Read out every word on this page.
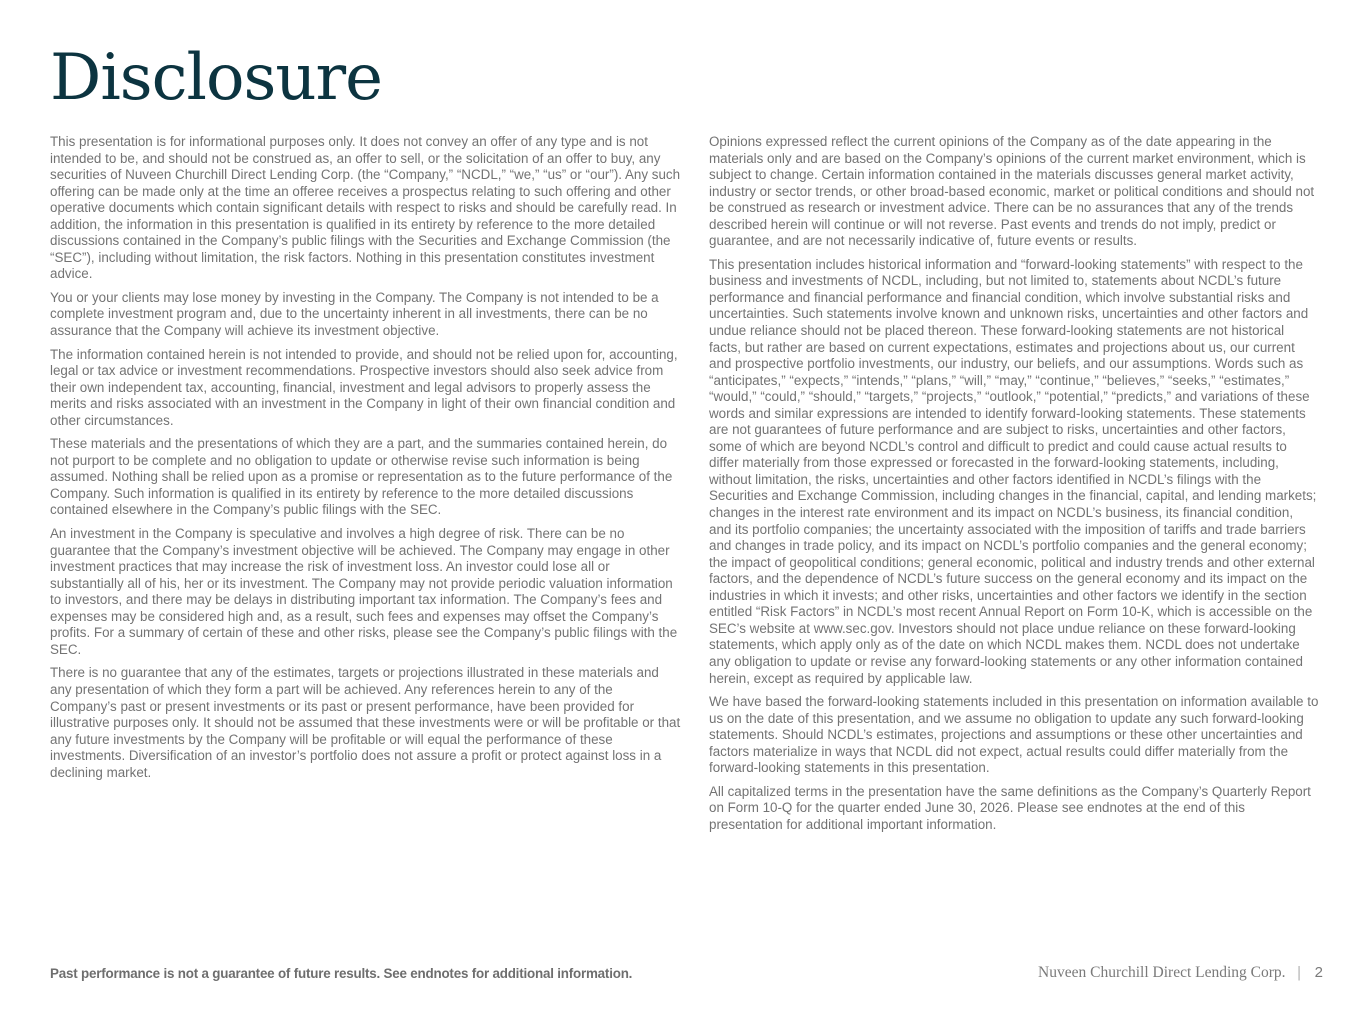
Disclosure

This presentation is for informational purposes only. It does not convey an offer of any type and is not intended to be, and should not be construed as, an offer to sell, or the solicitation of an offer to buy, any securities of Nuveen Churchill Direct Lending Corp. (the “Company,” “NCDL,” “we,” “us” or “our”). Any such offering can be made only at the time an offeree receives a prospectus relating to such offering and other operative documents which contain significant details with respect to risks and should be carefully read. In addition, the information in this presentation is qualified in its entirety by reference to the more detailed discussions contained in the Company’s public filings with the Securities and Exchange Commission (the “SEC”), including without limitation, the risk factors. Nothing in this presentation constitutes investment advice.

You or your clients may lose money by investing in the Company. The Company is not intended to be a complete investment program and, due to the uncertainty inherent in all investments, there can be no assurance that the Company will achieve its investment objective.

The information contained herein is not intended to provide, and should not be relied upon for, accounting, legal or tax advice or investment recommendations. Prospective investors should also seek advice from their own independent tax, accounting, financial, investment and legal advisors to properly assess the merits and risks associated with an investment in the Company in light of their own financial condition and other circumstances.

These materials and the presentations of which they are a part, and the summaries contained herein, do not purport to be complete and no obligation to update or otherwise revise such information is being assumed. Nothing shall be relied upon as a promise or representation as to the future performance of the Company. Such information is qualified in its entirety by reference to the more detailed discussions contained elsewhere in the Company’s public filings with the SEC.

An investment in the Company is speculative and involves a high degree of risk. There can be no guarantee that the Company’s investment objective will be achieved. The Company may engage in other investment practices that may increase the risk of investment loss. An investor could lose all or substantially all of his, her or its investment. The Company may not provide periodic valuation information to investors, and there may be delays in distributing important tax information. The Company’s fees and expenses may be considered high and, as a result, such fees and expenses may offset the Company’s profits. For a summary of certain of these and other risks, please see the Company’s public filings with the SEC.

There is no guarantee that any of the estimates, targets or projections illustrated in these materials and any presentation of which they form a part will be achieved. Any references herein to any of the Company’s past or present investments or its past or present performance, have been provided for illustrative purposes only. It should not be assumed that these investments were or will be profitable or that any future investments by the Company will be profitable or will equal the performance of these investments. Diversification of an investor’s portfolio does not assure a profit or protect against loss in a declining market.

Opinions expressed reflect the current opinions of the Company as of the date appearing in the materials only and are based on the Company’s opinions of the current market environment, which is subject to change. Certain information contained in the materials discusses general market activity, industry or sector trends, or other broad-based economic, market or political conditions and should not be construed as research or investment advice. There can be no assurances that any of the trends described herein will continue or will not reverse. Past events and trends do not imply, predict or guarantee, and are not necessarily indicative of, future events or results.

This presentation includes historical information and “forward-looking statements” with respect to the business and investments of NCDL, including, but not limited to, statements about NCDL’s future performance and financial performance and financial condition, which involve substantial risks and uncertainties. Such statements involve known and unknown risks, uncertainties and other factors and undue reliance should not be placed thereon. These forward-looking statements are not historical facts, but rather are based on current expectations, estimates and projections about us, our current and prospective portfolio investments, our industry, our beliefs, and our assumptions. Words such as “anticipates,” “expects,” “intends,” “plans,” “will,” “may,” “continue,” “believes,” “seeks,” “estimates,” “would,” “could,” “should,” “targets,” “projects,” “outlook,” “potential,” “predicts,” and variations of these words and similar expressions are intended to identify forward-looking statements. These statements are not guarantees of future performance and are subject to risks, uncertainties and other factors, some of which are beyond NCDL’s control and difficult to predict and could cause actual results to differ materially from those expressed or forecasted in the forward-looking statements, including, without limitation, the risks, uncertainties and other factors identified in NCDL’s filings with the Securities and Exchange Commission, including changes in the financial, capital, and lending markets; changes in the interest rate environment and its impact on NCDL’s business, its financial condition, and its portfolio companies; the uncertainty associated with the imposition of tariffs and trade barriers and changes in trade policy, and its impact on NCDL’s portfolio companies and the general economy; the impact of geopolitical conditions; general economic, political and industry trends and other external factors, and the dependence of NCDL’s future success on the general economy and its impact on the industries in which it invests; and other risks, uncertainties and other factors we identify in the section entitled “Risk Factors” in NCDL’s most recent Annual Report on Form 10-K, which is accessible on the SEC’s website at www.sec.gov. Investors should not place undue reliance on these forward-looking statements, which apply only as of the date on which NCDL makes them. NCDL does not undertake any obligation to update or revise any forward-looking statements or any other information contained herein, except as required by applicable law.

We have based the forward-looking statements included in this presentation on information available to us on the date of this presentation, and we assume no obligation to update any such forward-looking statements. Should NCDL’s estimates, projections and assumptions or these other uncertainties and factors materialize in ways that NCDL did not expect, actual results could differ materially from the forward-looking statements in this presentation.

All capitalized terms in the presentation have the same definitions as the Company’s Quarterly Report on Form 10-Q for the quarter ended June 30, 2026. Please see endnotes at the end of this presentation for additional important information.

Past performance is not a guarantee of future results. See endnotes for additional information.	Nuveen Churchill Direct Lending Corp. | 2
